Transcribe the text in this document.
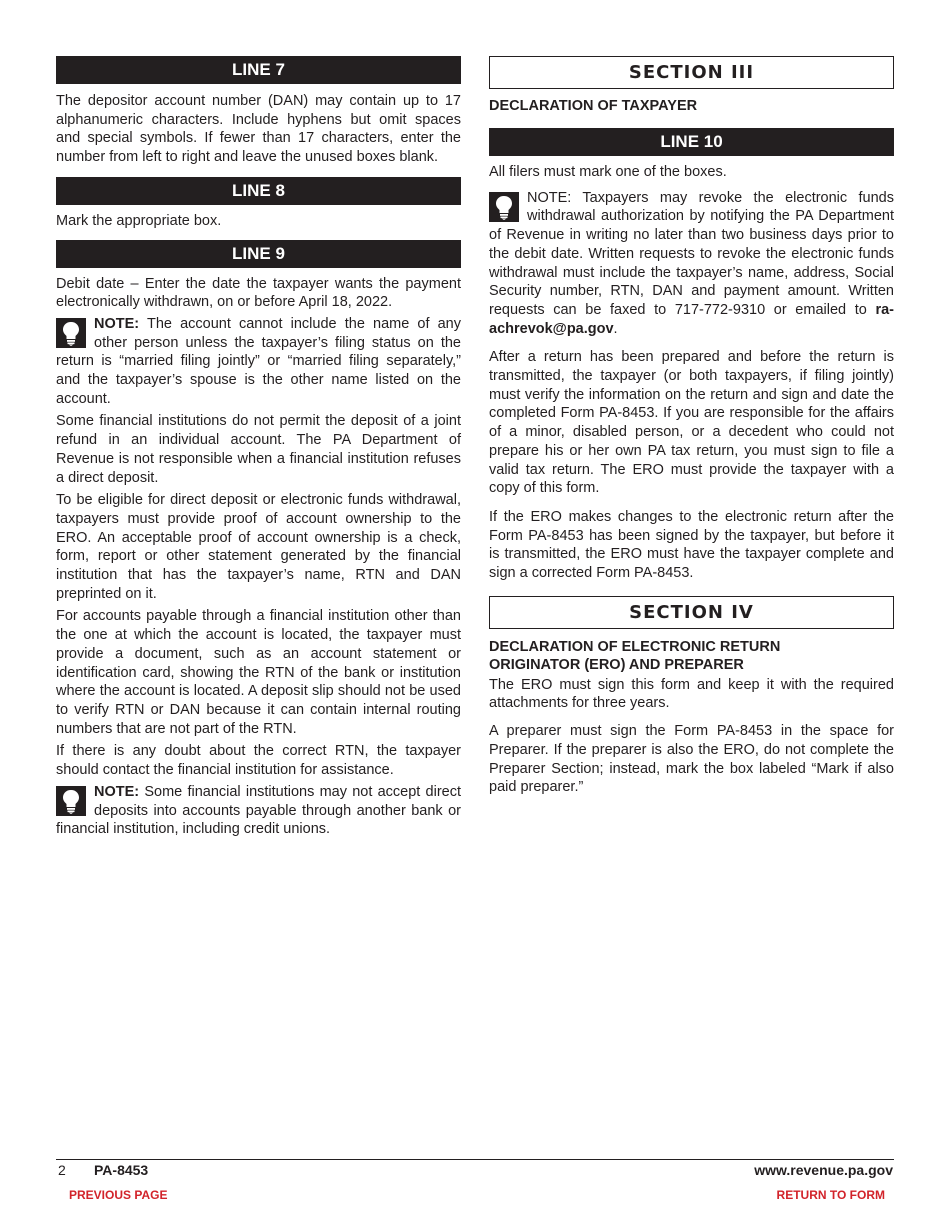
LINE 7

The depositor account number (DAN) may contain up to 17 alphanumeric characters. Include hyphens but omit spaces and special symbols. If fewer than 17 characters, enter the number from left to right and leave the unused boxes blank.

LINE 8

Mark the appropriate box.

LINE 9

Debit date – Enter the date the taxpayer wants the payment electronically withdrawn, on or before April 18, 2022.

NOTE: The account cannot include the name of any other person unless the taxpayer’s filing status on the return is “married filing jointly” or “married filing separately,” and the taxpayer’s spouse is the other name listed on the account.

Some financial institutions do not permit the deposit of a joint refund in an individual account. The PA Department of Revenue is not responsible when a financial institution refuses a direct deposit.

To be eligible for direct deposit or electronic funds withdrawal, taxpayers must provide proof of account ownership to the ERO. An acceptable proof of account ownership is a check, form, report or other statement generated by the financial institution that has the taxpayer’s name, RTN and DAN preprinted on it.

For accounts payable through a financial institution other than the one at which the account is located, the taxpayer must provide a document, such as an account statement or identification card, showing the RTN of the bank or institution where the account is located. A deposit slip should not be used to verify RTN or DAN because it can contain internal routing numbers that are not part of the RTN.

If there is any doubt about the correct RTN, the taxpayer should contact the financial institution for assistance.

NOTE: Some financial institutions may not accept direct deposits into accounts payable through another bank or financial institution, including credit unions.

SECTION III
DECLARATION OF TAXPAYER
LINE 10

All filers must mark one of the boxes.

NOTE: Taxpayers may revoke the electronic funds withdrawal authorization by notifying the PA Department of Revenue in writing no later than two business days prior to the debit date. Written requests to revoke the electronic funds withdrawal must include the taxpayer’s name, address, Social Security number, RTN, DAN and payment amount. Written requests can be faxed to 717-772-9310 or emailed to ra-achrevok@pa.gov.

After a return has been prepared and before the return is transmitted, the taxpayer (or both taxpayers, if filing jointly) must verify the information on the return and sign and date the completed Form PA-8453. If you are responsible for the affairs of a minor, disabled person, or a decedent who could not prepare his or her own PA tax return, you must sign to file a valid tax return. The ERO must provide the taxpayer with a copy of this form.

If the ERO makes changes to the electronic return after the Form PA-8453 has been signed by the taxpayer, but before it is transmitted, the ERO must have the taxpayer complete and sign a corrected Form PA-8453.

SECTION IV
DECLARATION OF ELECTRONIC RETURN
ORIGINATOR (ERO) AND PREPARER

The ERO must sign this form and keep it with the required attachments for three years.

A preparer must sign the Form PA-8453 in the space for Preparer. If the preparer is also the ERO, do not complete the Preparer Section; instead, mark the box labeled “Mark if also paid preparer.”

2 PA-8453	www.revenue.pa.gov
PREVIOUS PAGE	RETURN TO FORM
